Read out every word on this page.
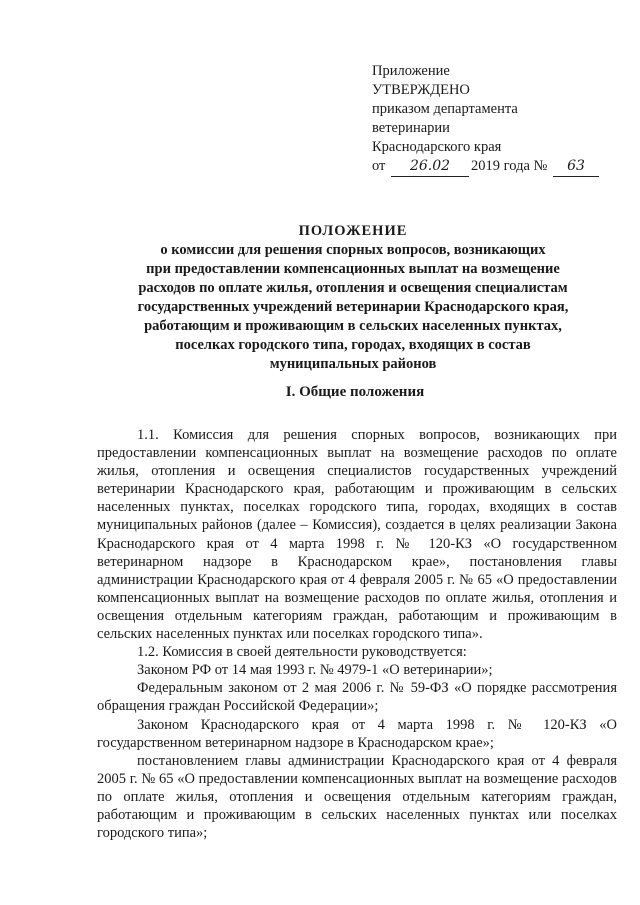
Приложение
УТВЕРЖДЕНО
приказом департамента
ветеринарии
Краснодарского края
от 26.02 2019 года № 63
ПОЛОЖЕНИЕ
о комиссии для решения спорных вопросов, возникающих
при предоставлении компенсационных выплат на возмещение
расходов по оплате жилья, отопления и освещения специалистам
государственных учреждений ветеринарии Краснодарского края,
работающим и проживающим в сельских населенных пунктах,
поселках городского типа, городах, входящих в состав
муниципальных районов
I. Общие положения

1.1. Комиссия для решения спорных вопросов, возникающих при предоставлении компенсационных выплат на возмещение расходов по оплате жилья, отопления и освещения специалистов государственных учреждений ветеринарии Краснодарского края, работающим и проживающим в сельских населенных пунктах, поселках городского типа, городах, входящих в состав муниципальных районов (далее – Комиссия), создается в целях реализации Закона Краснодарского края от 4 марта 1998 г. № 120-КЗ «О государственном ветеринарном надзоре в Краснодарском крае», постановления главы администрации Краснодарского края от 4 февраля 2005 г. № 65 «О предоставлении компенсационных выплат на возмещение расходов по оплате жилья, отопления и освещения отдельным категориям граждан, работающим и проживающим в сельских населенных пунктах или поселках городского типа».

1.2. Комиссия в своей деятельности руководствуется:

Законом РФ от 14 мая 1993 г. № 4979-1 «О ветеринарии»;

Федеральным законом от 2 мая 2006 г. № 59-ФЗ «О порядке рассмотрения обращения граждан Российской Федерации»;

Законом Краснодарского края от 4 марта 1998 г. № 120-КЗ «О государственном ветеринарном надзоре в Краснодарском крае»;

постановлением главы администрации Краснодарского края от 4 февраля 2005 г. № 65 «О предоставлении компенсационных выплат на возмещение расходов по оплате жилья, отопления и освещения отдельным категориям граждан, работающим и проживающим в сельских населенных пунктах или поселках городского типа»;
